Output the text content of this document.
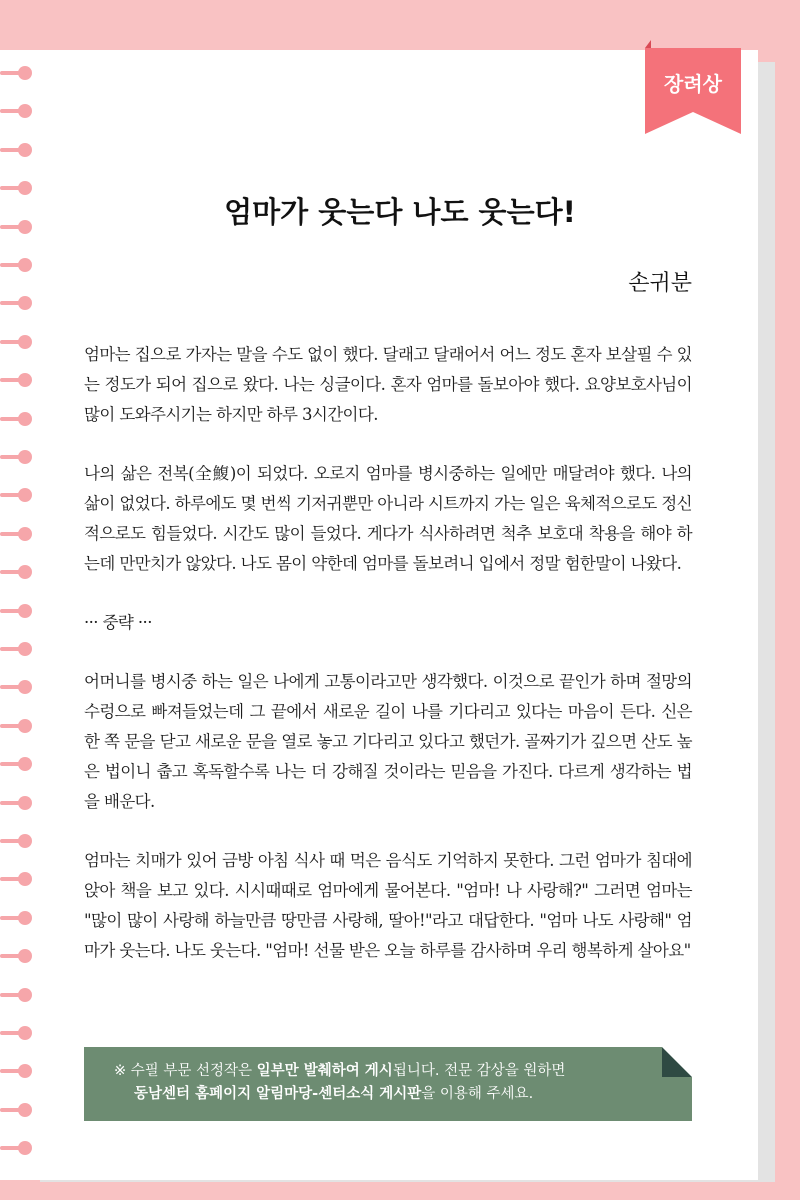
장려상
엄마가 웃는다 나도 웃는다!
손귀분

엄마는 집으로 가자는 말을 수도 없이 했다. 달래고 달래어서 어느 정도 혼자 보살필 수 있는 정도가 되어 집으로 왔다. 나는 싱글이다. 혼자 엄마를 돌보아야 했다. 요양보호사님이 많이 도와주시기는 하지만 하루 3시간이다.

나의 삶은 전복(全鰒)이 되었다. 오로지 엄마를 병시중하는 일에만 매달려야 했다. 나의 삶이 없었다. 하루에도 몇 번씩 기저귀뿐만 아니라 시트까지 가는 일은 육체적으로도 정신적으로도 힘들었다. 시간도 많이 들었다. 게다가 식사하려면 척추 보호대 착용을 해야 하는데 만만치가 않았다. 나도 몸이 약한데 엄마를 돌보려니 입에서 정말 험한말이 나왔다.

··· 중략 ···

어머니를 병시중 하는 일은 나에게 고통이라고만 생각했다. 이것으로 끝인가 하며 절망의 수렁으로 빠져들었는데 그 끝에서 새로운 길이 나를 기다리고 있다는 마음이 든다. 신은 한 쪽 문을 닫고 새로운 문을 열로 놓고 기다리고 있다고 했던가. 골짜기가 깊으면 산도 높은 법이니 춥고 혹독할수록 나는 더 강해질 것이라는 믿음을 가진다. 다르게 생각하는 법을 배운다.

엄마는 치매가 있어 금방 아침 식사 때 먹은 음식도 기억하지 못한다. 그런 엄마가 침대에 앉아 책을 보고 있다. 시시때때로 엄마에게 물어본다. "엄마! 나 사랑해?" 그러면 엄마는 "많이 많이 사랑해 하늘만큼 땅만큼 사랑해, 딸아!"라고 대답한다. "엄마 나도 사랑해" 엄마가 웃는다. 나도 웃는다. "엄마! 선물 받은 오늘 하루를 감사하며 우리 행복하게 살아요"

※ 수필 부문 선정작은 일부만 발췌하여 게시됩니다. 전문 감상을 원하면
동남센터 홈페이지 알림마당-센터소식 게시판을 이용해 주세요.
